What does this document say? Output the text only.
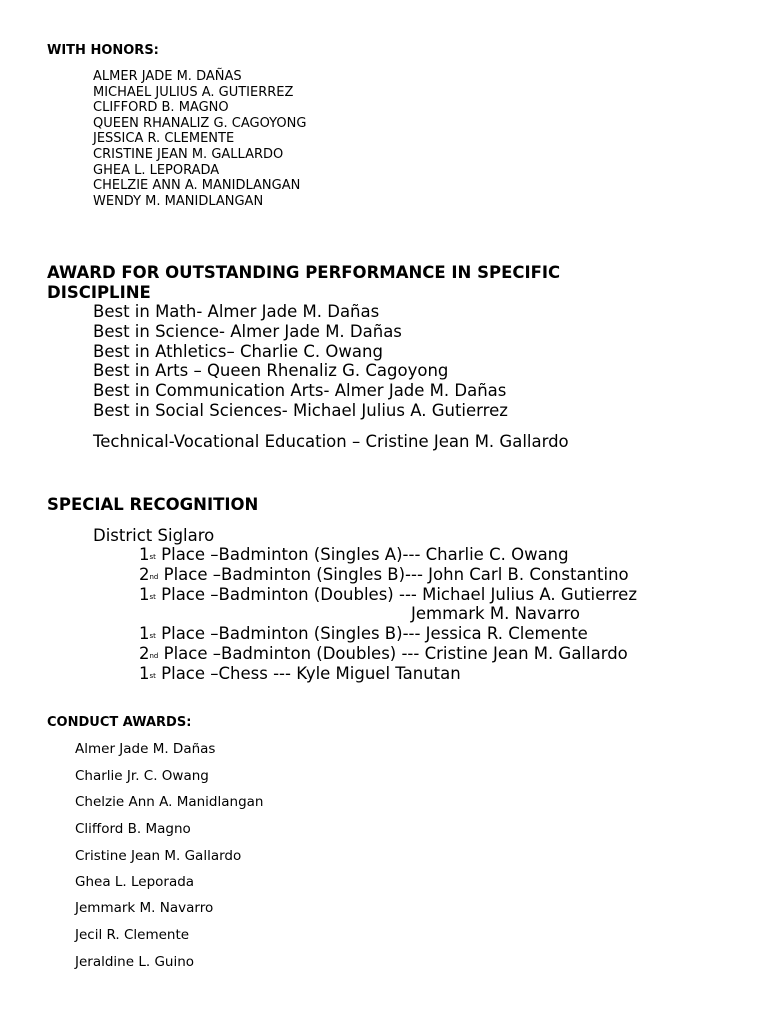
WITH HONORS:

ALMER JADE M. DAÑAS
MICHAEL JULIUS A. GUTIERREZ
CLIFFORD B. MAGNO
QUEEN RHANALIZ G. CAGOYONG
JESSICA R. CLEMENTE
CRISTINE JEAN M. GALLARDO
GHEA L. LEPORADA
CHELZIE ANN A. MANIDLANGAN
WENDY M. MANIDLANGAN
AWARD FOR OUTSTANDING PERFORMANCE IN SPECIFIC
DISCIPLINE
Best in Math- Almer Jade M. Dañas
Best in Science- Almer Jade M. Dañas
Best in Athletics– Charlie C. Owang
Best in Arts – Queen Rhenaliz G. Cagoyong
Best in Communication Arts- Almer Jade M. Dañas
Best in Social Sciences- Michael Julius A. Gutierrez

Technical-Vocational Education – Cristine Jean M. Gallardo

SPECIAL RECOGNITION

District Siglaro

1st Place –Badminton (Singles A)--- Charlie C. Owang
2nd Place –Badminton (Singles B)--- John Carl B. Constantino
1st Place –Badminton (Doubles) --- Michael Julius A. Gutierrez
Jemmark M. Navarro
1st Place –Badminton (Singles B)--- Jessica R. Clemente
2nd Place –Badminton (Doubles) --- Cristine Jean M. Gallardo
1st Place –Chess --- Kyle Miguel Tanutan

CONDUCT AWARDS:

Almer Jade M. Dañas

Charlie Jr. C. Owang

Chelzie Ann A. Manidlangan

Clifford B. Magno

Cristine Jean M. Gallardo

Ghea L. Leporada

Jemmark M. Navarro

Jecil R. Clemente

Jeraldine L. Guino
